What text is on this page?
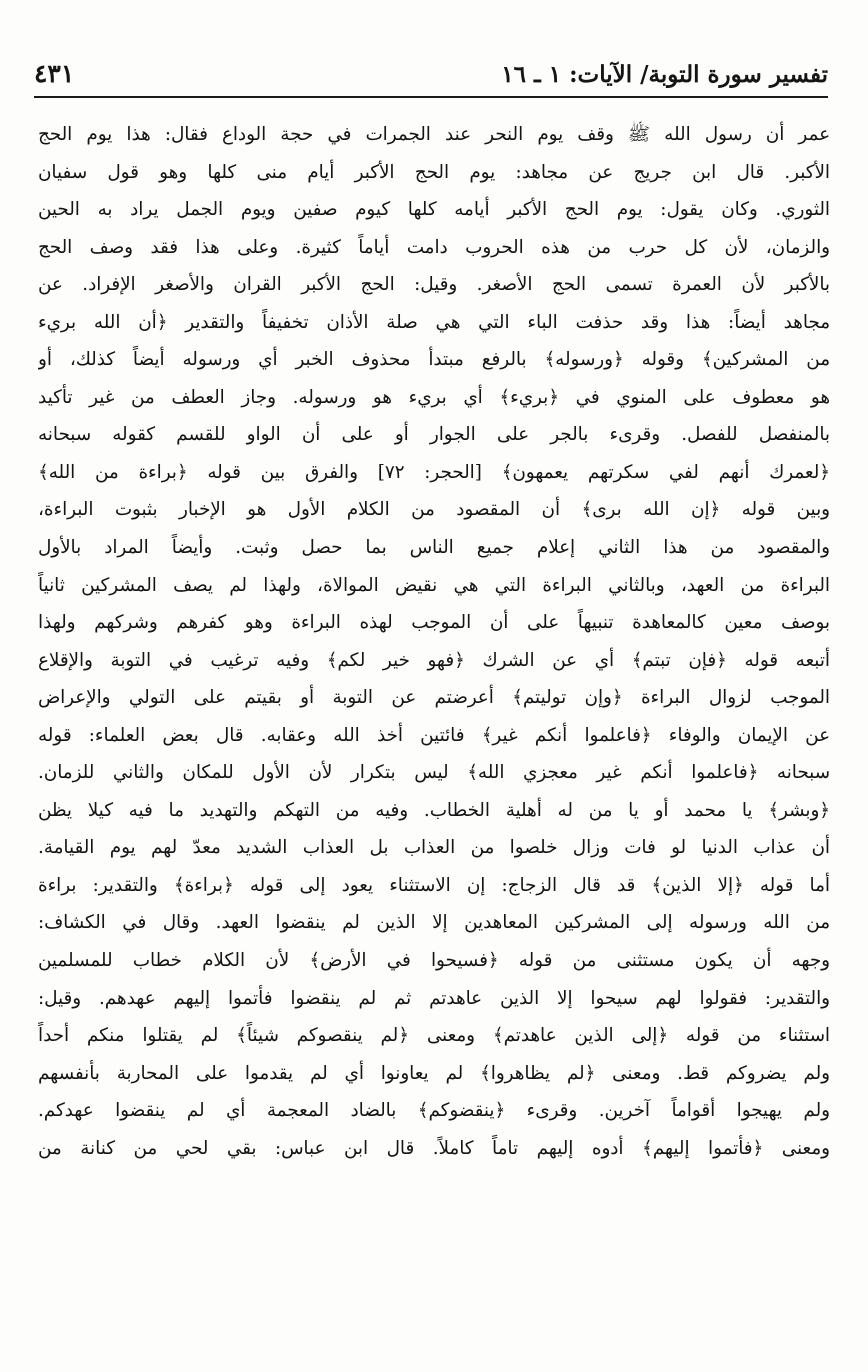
تفسير سورة التوبة/ الآيات: ١ ـ ١٦
٤٣١
عمر أن رسول الله ﷺ وقف يوم النحر عند الجمرات في حجة الوداع فقال: هذا يوم الحج
الأكبر. قال ابن جريج عن مجاهد: يوم الحج الأكبر أيام منى كلها وهو قول سفيان
الثوري. وكان يقول: يوم الحج الأكبر أيامه كلها كيوم صفين ويوم الجمل يراد به الحين
والزمان، لأن كل حرب من هذه الحروب دامت أياماً كثيرة. وعلى هذا فقد وصف الحج
بالأكبر لأن العمرة تسمى الحج الأصغر. وقيل: الحج الأكبر القران والأصغر الإفراد. عن
مجاهد أيضاً: هذا وقد حذفت الباء التي هي صلة الأذان تخفيفاً والتقدير ﴿أن الله بريء
من المشركين﴾ وقوله ﴿ورسوله﴾ بالرفع مبتدأ محذوف الخبر أي ورسوله أيضاً كذلك، أو
هو معطوف على المنوي في ﴿بريء﴾ أي بريء هو ورسوله. وجاز العطف من غير تأكيد
بالمنفصل للفصل. وقرىء بالجر على الجوار أو على أن الواو للقسم كقوله سبحانه
﴿لعمرك أنهم لفي سكرتهم يعمهون﴾ [الحجر: ٧٢] والفرق بين قوله ﴿براءة من الله﴾
وبين قوله ﴿إن الله برى﴾ أن المقصود من الكلام الأول هو الإخبار بثبوت البراءة،
والمقصود من هذا الثاني إعلام جميع الناس بما حصل وثبت. وأيضاً المراد بالأول
البراءة من العهد، وبالثاني البراءة التي هي نقيض الموالاة، ولهذا لم يصف المشركين ثانياً
بوصف معين كالمعاهدة تنبيهاً على أن الموجب لهذه البراءة وهو كفرهم وشركهم ولهذا
أتبعه قوله ﴿فإن تبتم﴾ أي عن الشرك ﴿فهو خير لكم﴾ وفيه ترغيب في التوبة والإقلاع
الموجب لزوال البراءة ﴿وإن توليتم﴾ أعرضتم عن التوبة أو بقيتم على التولي والإعراض
عن الإيمان والوفاء ﴿فاعلموا أنكم غير﴾ فائتين أخذ الله وعقابه. قال بعض العلماء: قوله
سبحانه ﴿فاعلموا أنكم غير معجزي الله﴾ ليس بتكرار لأن الأول للمكان والثاني للزمان.
﴿وبشر﴾ يا محمد أو يا من له أهلية الخطاب. وفيه من التهكم والتهديد ما فيه كيلا يظن
أن عذاب الدنيا لو فات وزال خلصوا من العذاب بل العذاب الشديد معدّ لهم يوم القيامة.
أما قوله ﴿إلا الذين﴾ قد قال الزجاج: إن الاستثناء يعود إلى قوله ﴿براءة﴾ والتقدير: براءة
من الله ورسوله إلى المشركين المعاهدين إلا الذين لم ينقضوا العهد. وقال في الكشاف:
وجهه أن يكون مستثنى من قوله ﴿فسيحوا في الأرض﴾ لأن الكلام خطاب للمسلمين
والتقدير: فقولوا لهم سيحوا إلا الذين عاهدتم ثم لم ينقضوا فأتموا إليهم عهدهم. وقيل:
استثناء من قوله ﴿إلى الذين عاهدتم﴾ ومعنى ﴿لم ينقصوكم شيئاً﴾ لم يقتلوا منكم أحداً
ولم يضروكم قط. ومعنى ﴿لم يظاهروا﴾ لم يعاونوا أي لم يقدموا على المحاربة بأنفسهم
ولم يهيجوا أقواماً آخرين. وقرىء ﴿ينقضوكم﴾ بالضاد المعجمة أي لم ينقضوا عهدكم.
ومعنى ﴿فأتموا إليهم﴾ أدوه إليهم تاماً كاملاً. قال ابن عباس: بقي لحي من كنانة من
